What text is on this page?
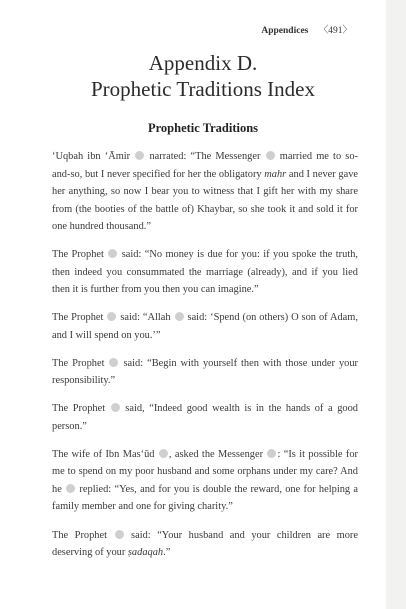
Appendices 〈491〉
Appendix D.
Prophetic Traditions Index
Prophetic Traditions

‘Uqbah ibn ‘Āmir  narrated: “The Messenger  married me to so-and-so, but I never specified for her the obligatory mahr and I never gave her anything, so now I bear you to witness that I gift her with my share from (the booties of the battle of) Khaybar, so she took it and sold it for one hundred thousand.”

The Prophet  said: “No money is due for you: if you spoke the truth, then indeed you consummated the marriage (already), and if you lied then it is further from you then you can imagine.”

The Prophet  said: “Allah  said: ‘Spend (on others) O son of Adam, and I will spend on you.’”

The Prophet  said: “Begin with yourself then with those under your responsibility.”

The Prophet  said, “Indeed good wealth is in the hands of a good person.”

The wife of Ibn Mas‘ūd , asked the Messenger : “Is it possible for me to spend on my poor husband and some orphans under my care? And he  replied: “Yes, and for you is double the reward, one for helping a family member and one for giving charity.”

The Prophet  said: “Your husband and your children are more deserving of your ṣadaqah.”
